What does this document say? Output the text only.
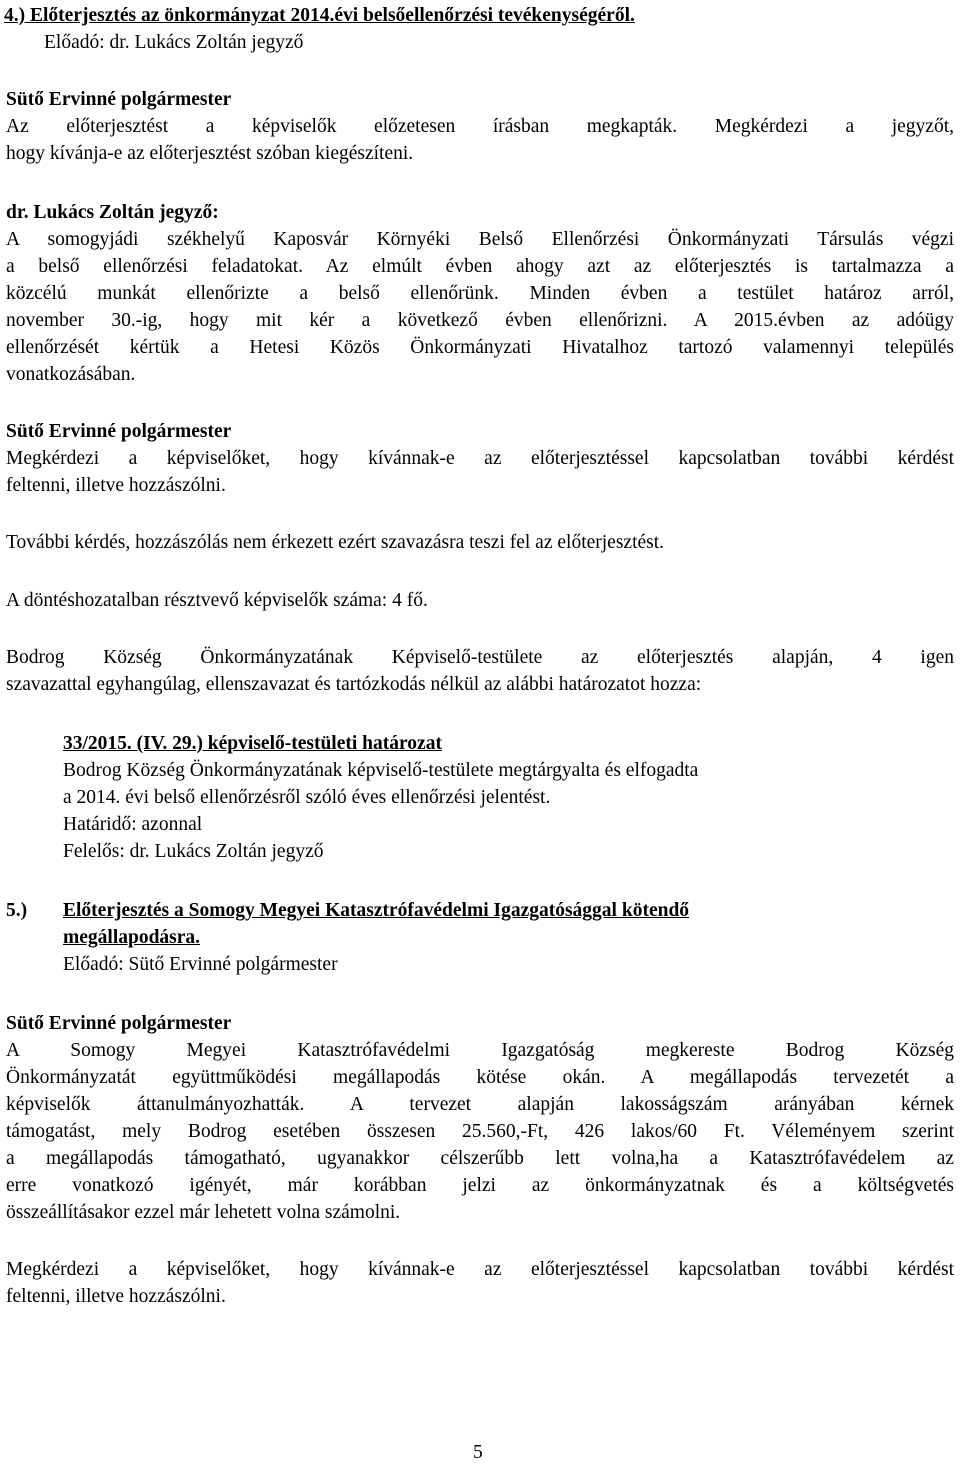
4.) Előterjesztés az önkormányzat 2014.évi belsőellenőrzési tevékenységéről.
Előadó: dr. Lukács Zoltán jegyző
Sütő Ervinné polgármester
Az előterjesztést a képviselők előzetesen írásban megkapták. Megkérdezi a jegyzőt,
hogy kívánja-e az előterjesztést szóban kiegészíteni.
dr. Lukács Zoltán jegyző:
A somogyjádi székhelyű Kaposvár Környéki Belső Ellenőrzési Önkormányzati Társulás végzi
a belső ellenőrzési feladatokat. Az elmúlt évben ahogy azt az előterjesztés is tartalmazza a
közcélú munkát ellenőrizte a belső ellenőrünk. Minden évben a testület határoz arról,
november 30.-ig, hogy mit kér a következő évben ellenőrizni. A 2015.évben az adóügy
ellenőrzését kértük a Hetesi Közös Önkormányzati Hivatalhoz tartozó valamennyi település
vonatkozásában.
Sütő Ervinné polgármester
Megkérdezi a képviselőket, hogy kívánnak-e az előterjesztéssel kapcsolatban további kérdést
feltenni, illetve hozzászólni.
További kérdés, hozzászólás nem érkezett ezért szavazásra teszi fel az előterjesztést.
A döntéshozatalban résztvevő képviselők száma: 4 fő.
Bodrog Község Önkormányzatának Képviselő-testülete az előterjesztés alapján, 4 igen
szavazattal egyhangúlag, ellenszavazat és tartózkodás nélkül az alábbi határozatot hozza:
33/2015. (IV. 29.) képviselő-testületi határozat
Bodrog Község Önkormányzatának képviselő-testülete megtárgyalta és elfogadta
a 2014. évi belső ellenőrzésről szóló éves ellenőrzési jelentést.
Határidő: azonnal
Felelős: dr. Lukács Zoltán jegyző
5.) Előterjesztés a Somogy Megyei Katasztrófavédelmi Igazgatósággal kötendő
megállapodásra.
Előadó: Sütő Ervinné polgármester
Sütő Ervinné polgármester
A Somogy Megyei Katasztrófavédelmi Igazgatóság megkereste Bodrog Község
Önkormányzatát együttműködési megállapodás kötése okán. A megállapodás tervezetét a
képviselők áttanulmányozhatták. A tervezet alapján lakosságszám arányában kérnek
támogatást, mely Bodrog esetében összesen 25.560,-Ft, 426 lakos/60 Ft. Véleményem szerint
a megállapodás támogatható, ugyanakkor célszerűbb lett volna,ha a Katasztrófavédelem az
erre vonatkozó igényét, már korábban jelzi az önkormányzatnak és a költségvetés
összeállításakor ezzel már lehetett volna számolni.
Megkérdezi a képviselőket, hogy kívánnak-e az előterjesztéssel kapcsolatban további kérdést
feltenni, illetve hozzászólni.
5
